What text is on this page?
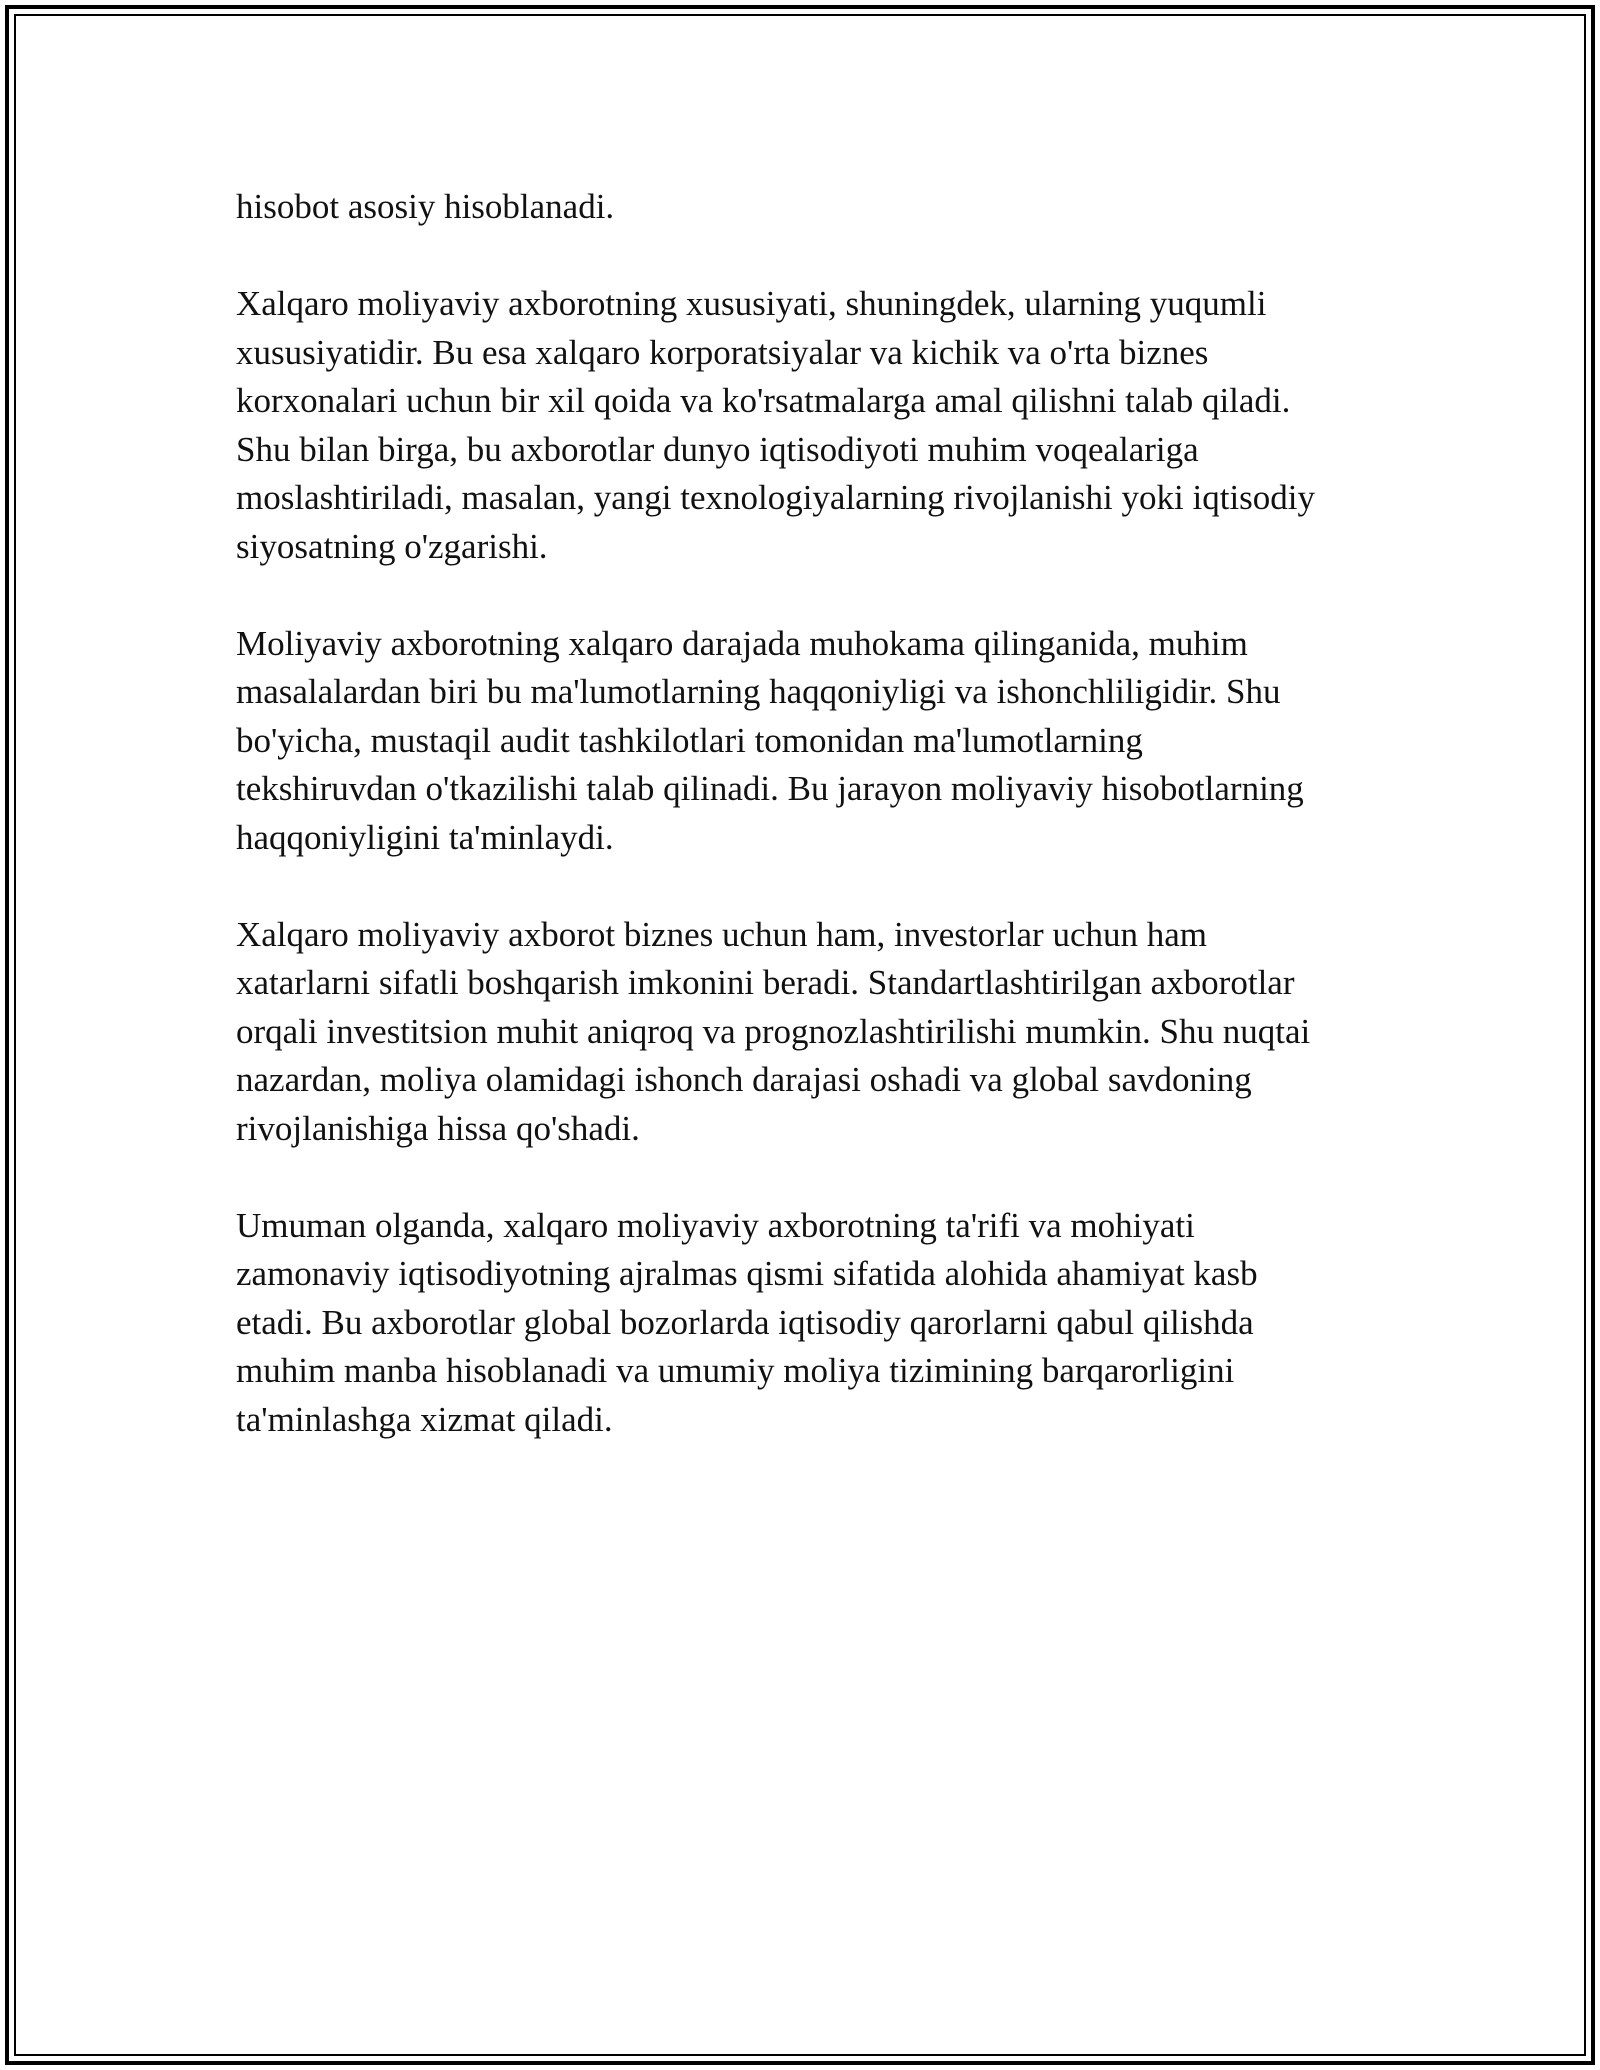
hisobot asosiy hisoblanadi.

Xalqaro moliyaviy axborotning xususiyati, shuningdek, ularning yuqumli
xususiyatidir. Bu esa xalqaro korporatsiyalar va kichik va o'rta biznes
korxonalari uchun bir xil qoida va ko'rsatmalarga amal qilishni talab qiladi.
Shu bilan birga, bu axborotlar dunyo iqtisodiyoti muhim voqealariga
moslashtiriladi, masalan, yangi texnologiyalarning rivojlanishi yoki iqtisodiy
siyosatning o'zgarishi.

Moliyaviy axborotning xalqaro darajada muhokama qilinganida, muhim
masalalardan biri bu ma'lumotlarning haqqoniyligi va ishonchliligidir. Shu
bo'yicha, mustaqil audit tashkilotlari tomonidan ma'lumotlarning
tekshiruvdan o'tkazilishi talab qilinadi. Bu jarayon moliyaviy hisobotlarning
haqqoniyligini ta'minlaydi.

Xalqaro moliyaviy axborot biznes uchun ham, investorlar uchun ham
xatarlarni sifatli boshqarish imkonini beradi. Standartlashtirilgan axborotlar
orqali investitsion muhit aniqroq va prognozlashtirilishi mumkin. Shu nuqtai
nazardan, moliya olamidagi ishonch darajasi oshadi va global savdoning
rivojlanishiga hissa qo'shadi.

Umuman olganda, xalqaro moliyaviy axborotning ta'rifi va mohiyati
zamonaviy iqtisodiyotning ajralmas qismi sifatida alohida ahamiyat kasb
etadi. Bu axborotlar global bozorlarda iqtisodiy qarorlarni qabul qilishda
muhim manba hisoblanadi va umumiy moliya tizimining barqarorligini
ta'minlashga xizmat qiladi.
